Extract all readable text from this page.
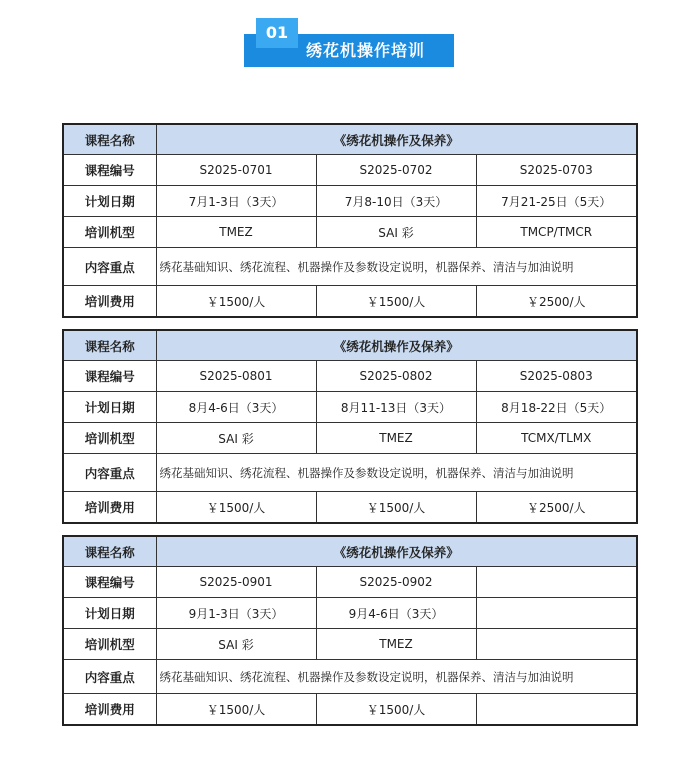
01
绣花机操作培训
课程名称	《绣花机操作及保养》		
课程编号	S2025-0701	S2025-0702	S2025-0703
计划日期	7月1-3日（3天）	7月8-10日（3天）	7月21-25日（5天）
培训机型	TMEZ	SAI 彩	TMCP/TMCR
内容重点	绣花基础知识、绣花流程、机器操作及参数设定说明，机器保养、清洁与加油说明		
培训费用	￥1500/人	￥1500/人	￥2500/人
课程名称	《绣花机操作及保养》		
课程编号	S2025-0801	S2025-0802	S2025-0803
计划日期	8月4-6日（3天）	8月11-13日（3天）	8月18-22日（5天）
培训机型	SAI 彩	TMEZ	TCMX/TLMX
内容重点	绣花基础知识、绣花流程、机器操作及参数设定说明，机器保养、清洁与加油说明		
培训费用	￥1500/人	￥1500/人	￥2500/人
课程名称	《绣花机操作及保养》		
课程编号	S2025-0901	S2025-0902	
计划日期	9月1-3日（3天）	9月4-6日（3天）	
培训机型	SAI 彩	TMEZ	
内容重点	绣花基础知识、绣花流程、机器操作及参数设定说明，机器保养、清洁与加油说明		
培训费用	￥1500/人	￥1500/人	
